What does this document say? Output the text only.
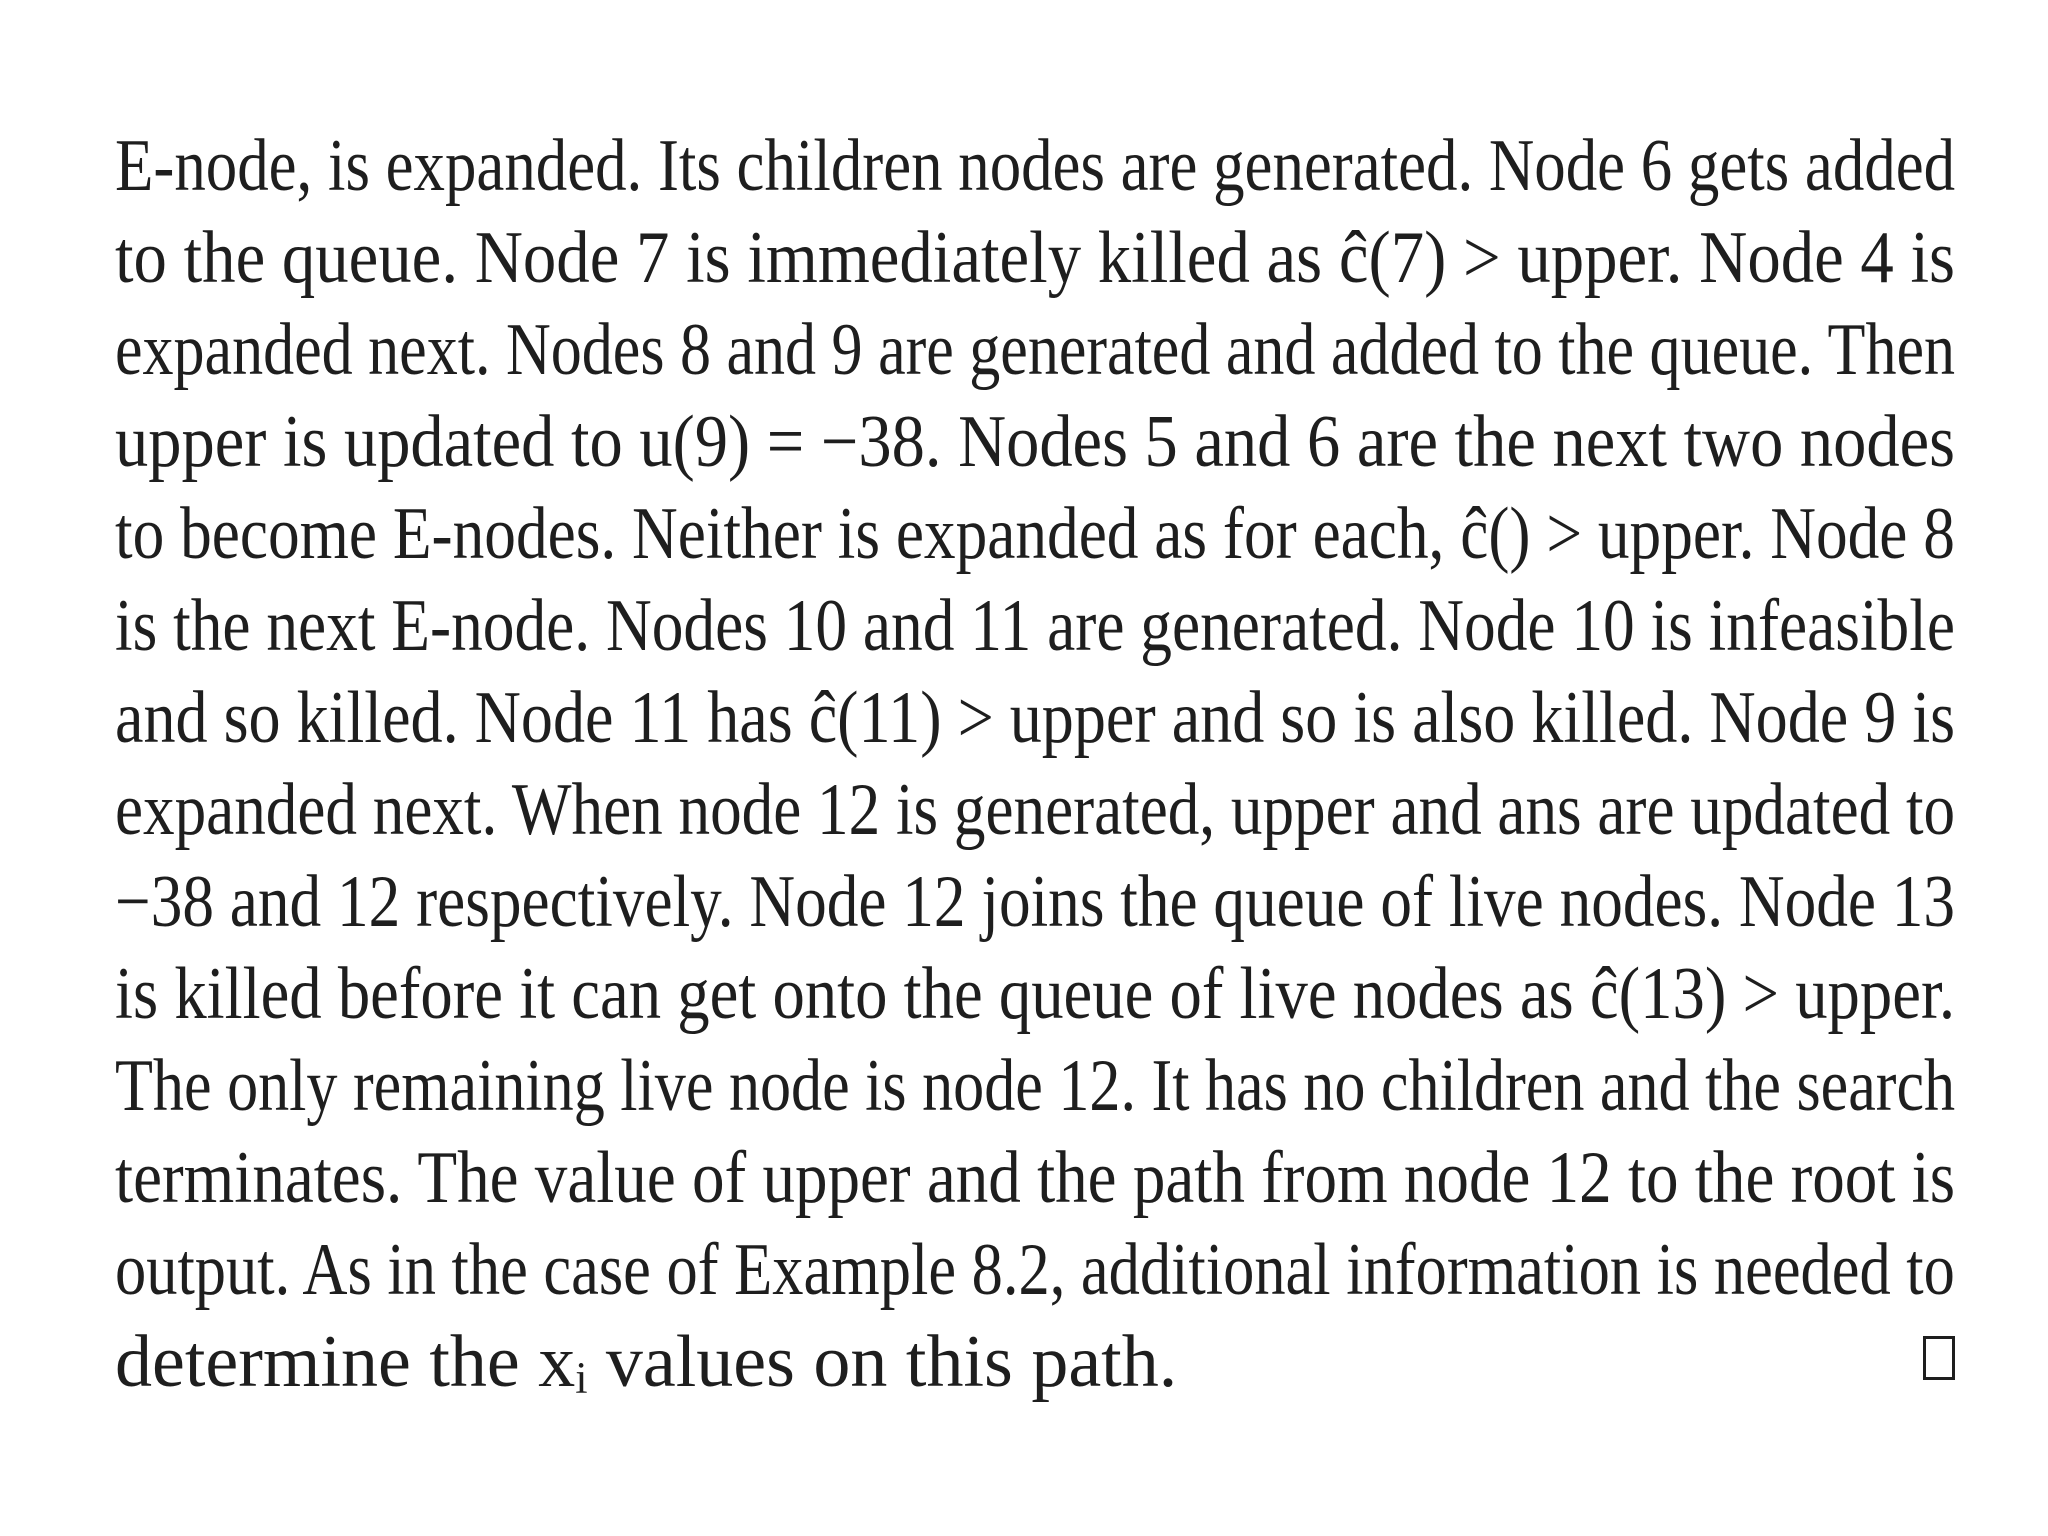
E-node, is expanded. Its children nodes are generated. Node 6 gets added
to the queue. Node 7 is immediately killed as ĉ(7) > upper. Node 4 is
expanded next. Nodes 8 and 9 are generated and added to the queue. Then
upper is updated to u(9) = −38. Nodes 5 and 6 are the next two nodes
to become E-nodes. Neither is expanded as for each, ĉ() > upper. Node 8
is the next E-node. Nodes 10 and 11 are generated. Node 10 is infeasible
and so killed. Node 11 has ĉ(11) > upper and so is also killed. Node 9 is
expanded next. When node 12 is generated, upper and ans are updated to
−38 and 12 respectively. Node 12 joins the queue of live nodes. Node 13
is killed before it can get onto the queue of live nodes as ĉ(13) > upper.
The only remaining live node is node 12. It has no children and the search
terminates. The value of upper and the path from node 12 to the root is
output. As in the case of Example 8.2, additional information is needed to
determine the xᵢ values on this path.
